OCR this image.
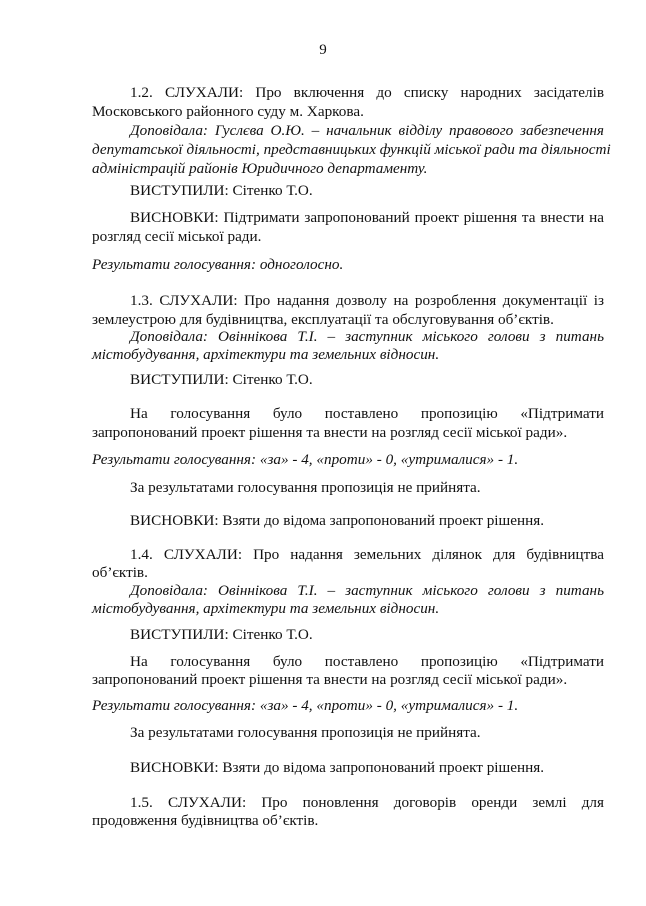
9
1.2. СЛУХАЛИ: Про включення до списку народних засідателів
Московського районного суду м. Харкова.
Доповідала: Гуслєва О.Ю. – начальник відділу правового забезпечення
депутатської діяльності, представницьких функцій міської ради та діяльності
адміністрацій районів Юридичного департаменту.
ВИСТУПИЛИ: Сітенко Т.О.
ВИСНОВКИ: Підтримати запропонований проект рішення та внести на
розгляд сесії міської ради.
Результати голосування: одноголосно.
1.3. СЛУХАЛИ: Про надання дозволу на розроблення документації із
землеустрою для будівництва, експлуатації та обслуговування об’єктів.
Доповідала: Овіннікова Т.І. – заступник міського голови з питань
містобудування, архітектури та земельних відносин.
ВИСТУПИЛИ: Сітенко Т.О.
На голосування було поставлено пропозицію «Підтримати
запропонований проект рішення та внести на розгляд сесії міської ради».
Результати голосування: «за» - 4, «проти» - 0, «утрималися» - 1.
За результатами голосування пропозиція не прийнята.
ВИСНОВКИ: Взяти до відома запропонований проект рішення.
1.4. СЛУХАЛИ: Про надання земельних ділянок для будівництва
об’єктів.
Доповідала: Овіннікова Т.І. – заступник міського голови з питань
містобудування, архітектури та земельних відносин.
ВИСТУПИЛИ: Сітенко Т.О.
На голосування було поставлено пропозицію «Підтримати
запропонований проект рішення та внести на розгляд сесії міської ради».
Результати голосування: «за» - 4, «проти» - 0, «утрималися» - 1.
За результатами голосування пропозиція не прийнята.
ВИСНОВКИ: Взяти до відома запропонований проект рішення.
1.5. СЛУХАЛИ: Про поновлення договорів оренди землі для
продовження будівництва об’єктів.
